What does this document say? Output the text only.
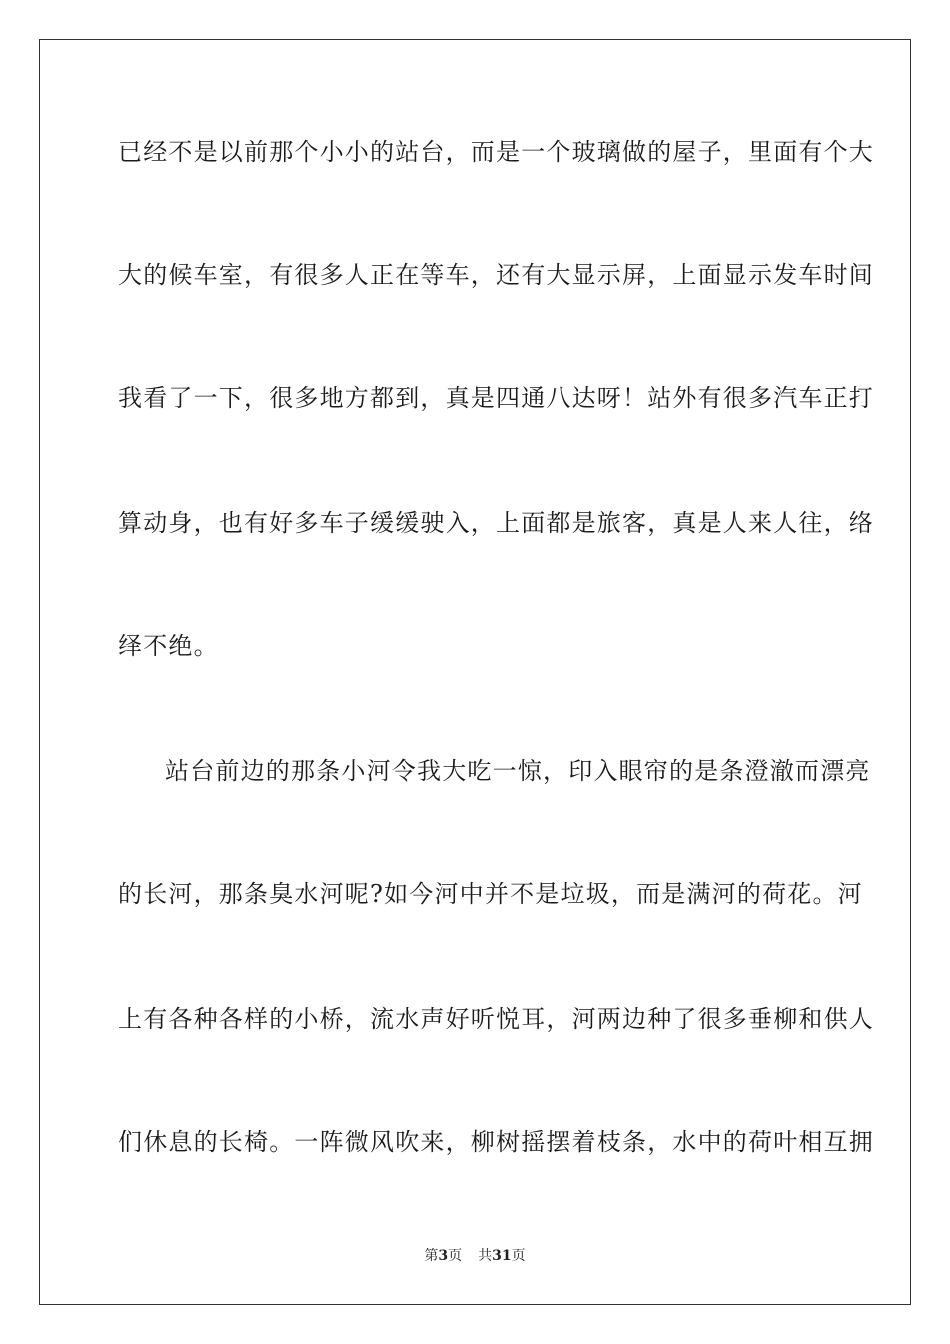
已经不是以前那个小小的站台，而是一个玻璃做的屋子，里面有个大
大的候车室，有很多人正在等车，还有大显示屏，上面显示发车时间
我看了一下，很多地方都到，真是四通八达呀！站外有很多汽车正打
算动身，也有好多车子缓缓驶入，上面都是旅客，真是人来人往，络
绎不绝。
站台前边的那条小河令我大吃一惊，印入眼帘的是条澄澈而漂亮
的长河，那条臭水河呢?如今河中并不是垃圾，而是满河的荷花。河
上有各种各样的小桥，流水声好听悦耳，河两边种了很多垂柳和供人
们休息的长椅。一阵微风吹来，柳树摇摆着枝条，水中的荷叶相互拥
第3页 共31页
